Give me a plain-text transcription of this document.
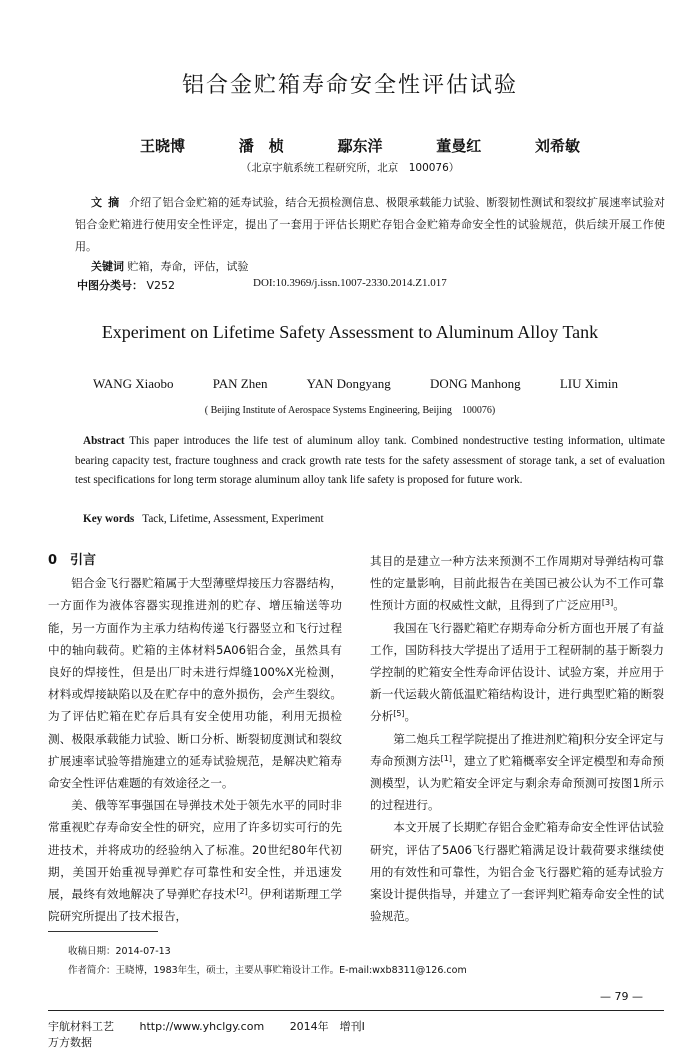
铝合金贮箱寿命安全性评估试验
王晓博	潘　桢	鄢东洋	董曼红	刘希敏
（北京宇航系统工程研究所，北京　100076）
文摘 介绍了铝合金贮箱的延寿试验，结合无损检测信息、极限承载能力试验、断裂韧性测试和裂纹扩展速率试验对铝合金贮箱进行使用安全性评定，提出了一套用于评估长期贮存铝合金贮箱寿命安全性的试验规范，供后续开展工作使用。
关键词 贮箱，寿命，评估，试验
中图分类号： V252	DOI:10.3969/j.issn.1007-2330.2014.Z1.017
Experiment on Lifetime Safety Assessment to Aluminum Alloy Tank
WANG Xiaobo	PAN Zhen	YAN Dongyang	DONG Manhong	LIU Ximin
( Beijing Institute of Aerospace Systems Engineering, Beijing　100076)
Abstract This paper introduces the life test of aluminum alloy tank. Combined nondestructive testing information, ultimate bearing capacity test, fracture toughness and crack growth rate tests for the safety assessment of storage tank, a set of evaluation test specifications for long term storage aluminum alloy tank life safety is proposed for future work.
Key words Tack, Lifetime, Assessment, Experiment

0　引言

铝合金飞行器贮箱属于大型薄壁焊接压力容器结构，一方面作为液体容器实现推进剂的贮存、增压输送等功能，另一方面作为主承力结构传递飞行器竖立和飞行过程中的轴向载荷。贮箱的主体材料5A06铝合金，虽然具有良好的焊接性，但是出厂时未进行焊缝100%X光检测，材料或焊接缺陷以及在贮存中的意外损伤，会产生裂纹。为了评估贮箱在贮存后具有安全使用功能，利用无损检测、极限承载能力试验、断口分析、断裂韧度测试和裂纹扩展速率试验等措施建立的延寿试验规范，是解决贮箱寿命安全性评估难题的有效途径之一。

美、俄等军事强国在导弹技术处于领先水平的同时非常重视贮存寿命安全性的研究，应用了许多切实可行的先进技术，并将成功的经验纳入了标准。20世纪80年代初期，美国开始重视导弹贮存可靠性和安全性，并迅速发展，最终有效地解决了导弹贮存技术[2]。伊利诺斯理工学院研究所提出了技术报告，

其目的是建立一种方法来预测不工作周期对导弹结构可靠性的定量影响，目前此报告在美国已被公认为不工作可靠性预计方面的权威性文献，且得到了广泛应用[3]。

我国在飞行器贮箱贮存期寿命分析方面也开展了有益工作，国防科技大学提出了适用于工程研制的基于断裂力学控制的贮箱安全性寿命评估设计、试验方案，并应用于新一代运载火箭低温贮箱结构设计，进行典型贮箱的断裂分析[5]。

第二炮兵工程学院提出了推进剂贮箱J积分安全评定与寿命预测方法[1]，建立了贮箱概率安全评定模型和寿命预测模型，认为贮箱安全评定与剩余寿命预测可按图1所示的过程进行。

本文开展了长期贮存铝合金贮箱寿命安全性评估试验研究，评估了5A06飞行器贮箱满足设计载荷要求继续使用的有效性和可靠性，为铝合金飞行器贮箱的延寿试验方案设计提供指导，并建立了一套评判贮箱寿命安全性的试验规范。

收稿日期：2014-07-13
作者简介：王晓博，1983年生，硕士，主要从事贮箱设计工作。E-mail:wxb8311@126.com
— 79 —
宇航材料工艺 http://www.yhclgy.com 2014年　增刊Ⅰ
万方数据
